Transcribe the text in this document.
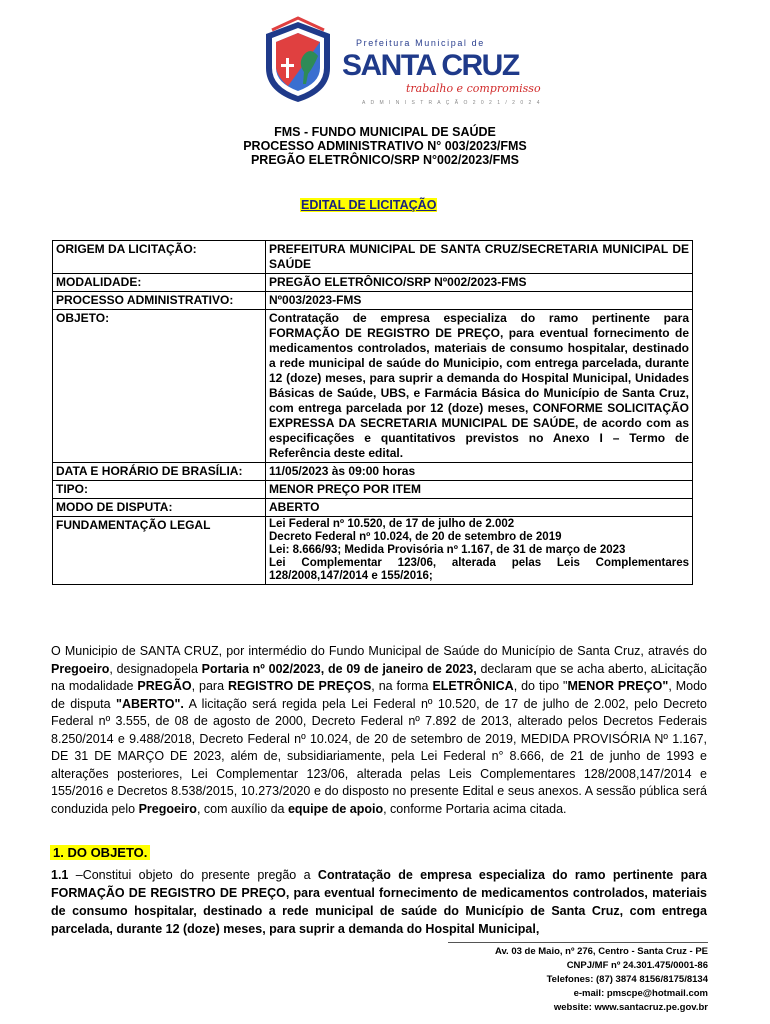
Prefeitura Municipal de
SANTA CRUZ
trabalho e compromisso
A D M I N I S T R A Ç Ã O 2 0 2 1 / 2 0 2 4
FMS - FUNDO MUNICIPAL DE SAÚDE
PROCESSO ADMINISTRATIVO N° 003/2023/FMS
PREGÃO ELETRÔNICO/SRP N°002/2023/FMS
EDITAL DE LICITAÇÃO
ORIGEM DA LICITAÇÃO:	PREFEITURA MUNICIPAL DE SANTA CRUZ/SECRETARIA MUNICIPAL DE SAÚDE
MODALIDADE:	PREGÃO ELETRÔNICO/SRP Nº002/2023-FMS
PROCESSO ADMINISTRATIVO:	Nº003/2023-FMS
OBJETO:	Contratação de empresa especializa do ramo pertinente para FORMAÇÃO DE REGISTRO DE PREÇO, para eventual fornecimento de medicamentos controlados, materiais de consumo hospitalar, destinado a rede municipal de saúde do Municipio, com entrega parcelada, durante 12 (doze) meses, para suprir a demanda do Hospital Municipal, Unidades Básicas de Saúde, UBS, e Farmácia Básica do Município de Santa Cruz, com entrega parcelada por 12 (doze) meses, CONFORME SOLICITAÇÃO EXPRESSA DA SECRETARIA MUNICIPAL DE SAÚDE, de acordo com as especificações e quantitativos previstos no Anexo I – Termo de Referência deste edital.
DATA E HORÁRIO DE BRASÍLIA:	11/05/2023 às 09:00 horas
TIPO:	MENOR PREÇO POR ITEM
MODO DE DISPUTA:	ABERTO
FUNDAMENTAÇÃO LEGAL	Lei Federal nº 10.520, de 17 de julho de 2.002
Decreto Federal nº 10.024, de 20 de setembro de 2019
Lei: 8.666/93; Medida Provisória nº 1.167, de 31 de março de 2023
Lei Complementar 123/06, alterada pelas Leis Complementares 128/2008,147/2014 e 155/2016;
O Municipio de SANTA CRUZ, por intermédio do Fundo Municipal de Saúde do Município de Santa Cruz, através do Pregoeiro, designadopela Portaria nº 002/2023, de 09 de janeiro de 2023, declaram que se acha aberto, aLicitação na modalidade PREGÃO, para REGISTRO DE PREÇOS, na forma ELETRÔNICA, do tipo "MENOR PREÇO", Modo de disputa "ABERTO". A licitação será regida pela Lei Federal nº 10.520, de 17 de julho de 2.002, pelo Decreto Federal nº 3.555, de 08 de agosto de 2000, Decreto Federal nº 7.892 de 2013, alterado pelos Decretos Federais 8.250/2014 e 9.488/2018, Decreto Federal nº 10.024, de 20 de setembro de 2019, MEDIDA PROVISÓRIA Nº 1.167, DE 31 DE MARÇO DE 2023, além de, subsidiariamente, pela Lei Federal n° 8.666, de 21 de junho de 1993 e alterações posteriores, Lei Complementar 123/06, alterada pelas Leis Complementares 128/2008,147/2014 e 155/2016 e Decretos 8.538/2015, 10.273/2020 e do disposto no presente Edital e seus anexos. A sessão pública será conduzida pelo Pregoeiro, com auxílio da equipe de apoio, conforme Portaria acima citada.
1. DO OBJETO.
1.1 –Constitui objeto do presente pregão a Contratação de empresa especializa do ramo pertinente para FORMAÇÃO DE REGISTRO DE PREÇO, para eventual fornecimento de medicamentos controlados, materiais de consumo hospitalar, destinado a rede municipal de saúde do Município de Santa Cruz, com entrega parcelada, durante 12 (doze) meses, para suprir a demanda do Hospital Municipal,
Av. 03 de Maio, nº 276, Centro - Santa Cruz - PE
CNPJ/MF nº 24.301.475/0001-86
Telefones: (87) 3874 8156/8175/8134
e-mail: pmscpe@hotmail.com
website: www.santacruz.pe.gov.br
